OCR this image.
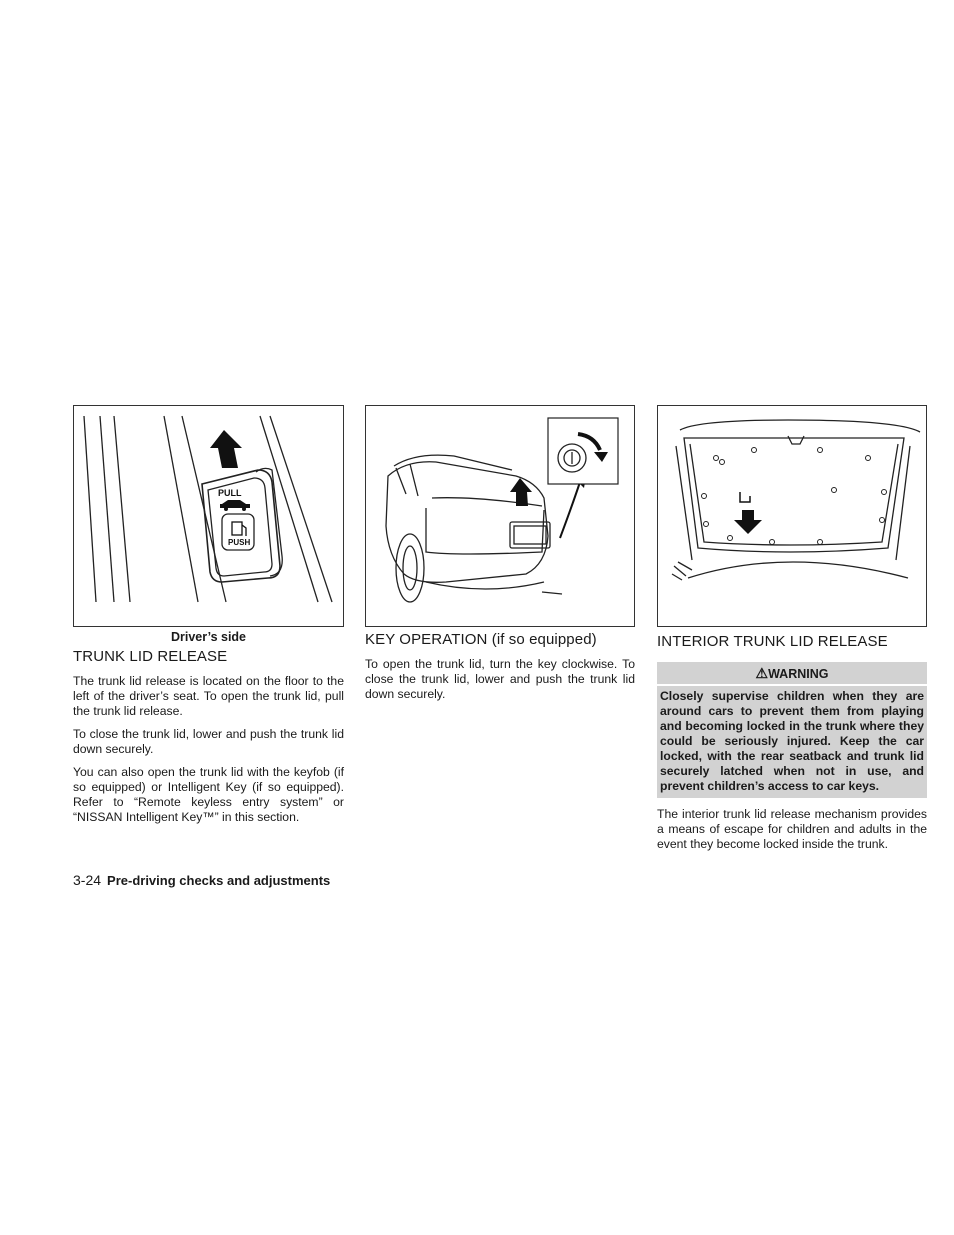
PULL
PUSH
Driver’s side
TRUNK LID RELEASE

The trunk lid release is located on the floor to the left of the driver’s seat. To open the trunk lid, pull the trunk lid release.

To close the trunk lid, lower and push the trunk lid down securely.

You can also open the trunk lid with the keyfob (if so equipped) or Intelligent Key (if so equipped). Refer to “Remote keyless entry system” or “NISSAN Intelligent Key™” in this section.

KEY OPERATION (if so equipped)

To open the trunk lid, turn the key clockwise. To close the trunk lid, lower and push the trunk lid down securely.

INTERIOR TRUNK LID RELEASE
⚠WARNING
Closely supervise children when they are around cars to prevent them from playing and becoming locked in the trunk where they could be seriously injured. Keep the car locked, with the rear seatback and trunk lid securely latched when not in use, and prevent children’s access to car keys.

The interior trunk lid release mechanism provides a means of escape for children and adults in the event they become locked inside the trunk.

3-24 Pre-driving checks and adjustments
